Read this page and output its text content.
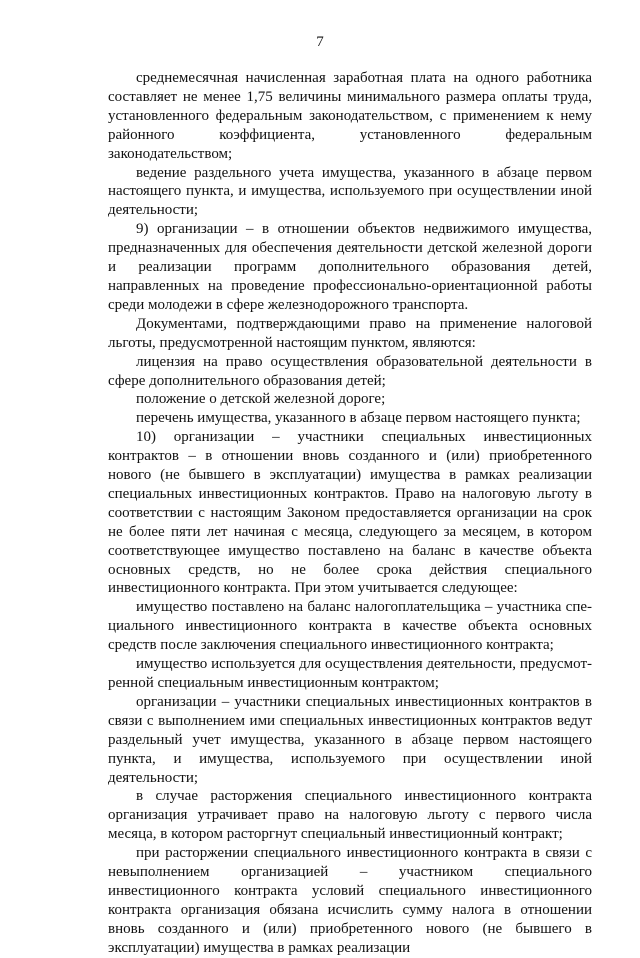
7

среднемесячная начисленная заработная плата на одного работника составляет не менее 1,75 величины минимального размера оплаты труда, установленного федеральным законодательством, с применением к нему районного коэффициента, установленного федеральным законодательством;

ведение раздельного учета имущества, указанного в абзаце первом настоящего пункта, и имущества, используемого при осуществлении иной деятельности;

9) организации – в отношении объектов недвижимого имущества, предназначенных для обеспечения деятельности детской железной дороги и реализации программ дополнительного образования детей, направленных на проведение профессионально-ориентационной работы среди молодежи в сфере железнодорожного транспорта.

Документами, подтверждающими право на применение налоговой льготы, предусмотренной настоящим пунктом, являются:

лицензия на право осуществления образовательной деятельности в сфере дополнительного образования детей;

положение о детской железной дороге;

перечень имущества, указанного в абзаце первом настоящего пункта;

10) организации – участники специальных инвестиционных контрактов – в отношении вновь созданного и (или) приобретенного нового (не бывшего в эксплуатации) имущества в рамках реализации специальных инвестиционных контрактов. Право на налоговую льготу в соответствии с настоящим Законом предоставляется организации на срок не более пяти лет начиная с месяца, следующего за месяцем, в котором соответствующее имущество поставлено на баланс в качестве объекта основных средств, но не более срока действия специального инвестиционного контракта. При этом учитывается следующее:

имущество поставлено на баланс налогоплательщика – участника специального инвестиционного контракта в качестве объекта основных средств после заключения специального инвестиционного контракта;

имущество используется для осуществления деятельности, предусмотренной специальным инвестиционным контрактом;

организации – участники специальных инвестиционных контрактов в связи с выполнением ими специальных инвестиционных контрактов ведут раздельный учет имущества, указанного в абзаце первом настоящего пункта, и имущества, используемого при осуществлении иной деятельности;

в случае расторжения специального инвестиционного контракта организация утрачивает право на налоговую льготу с первого числа месяца, в котором расторгнут специальный инвестиционный контракт;

при расторжении специального инвестиционного контракта в связи с невыполнением организацией – участником специального инвестиционного контракта условий специального инвестиционного контракта организация обязана исчислить сумму налога в отношении вновь созданного и (или) приобретенного нового (не бывшего в эксплуатации) имущества в рамках реализации
